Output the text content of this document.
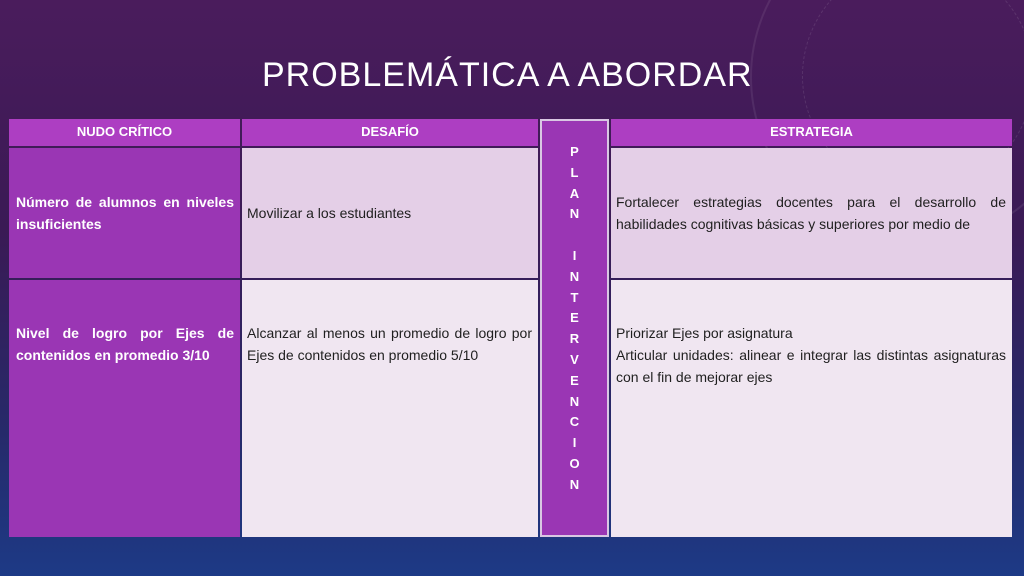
PROBLEMÁTICA A ABORDAR
NUDO CRÍTICO	DESAFÍO	ESTRATEGIA
Número de alumnos en niveles insuficientes
Movilizar a los estudiantes
Fortalecer estrategias docentes para el desarrollo de habilidades cognitivas básicas y superiores por medio de
Nivel de logro por Ejes de contenidos en promedio 3/10
Alcanzar al menos un promedio de logro por Ejes de contenidos en promedio 5/10
Priorizar Ejes por asignatura
Articular unidades: alinear e integrar las distintas asignaturas con el fin de mejorar ejes
P
L
A
N
I
N
T
E
R
V
E
N
C
I
O
N
